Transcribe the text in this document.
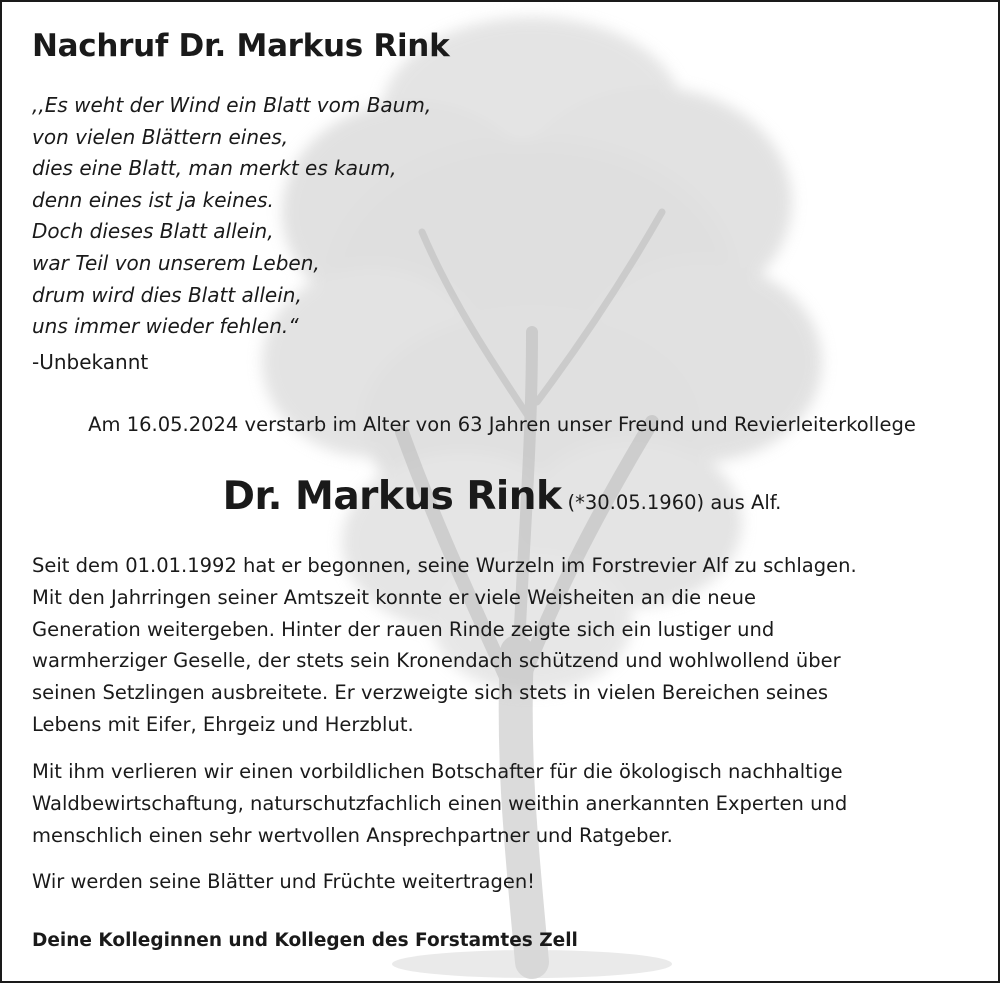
Nachruf Dr. Markus Rink
,,Es weht der Wind ein Blatt vom Baum,
von vielen Blättern eines,
dies eine Blatt, man merkt es kaum,
denn eines ist ja keines.
Doch dieses Blatt allein,
war Teil von unserem Leben,
drum wird dies Blatt allein,
uns immer wieder fehlen.“
-Unbekannt
Am 16.05.2024 verstarb im Alter von 63 Jahren unser Freund und Revierleiterkollege
Dr. Markus Rink (*30.05.1960) aus Alf.
Seit dem 01.01.1992 hat er begonnen, seine Wurzeln im Forstrevier Alf zu schlagen.
Mit den Jahrringen seiner Amtszeit konnte er viele Weisheiten an die neue
Generation weitergeben. Hinter der rauen Rinde zeigte sich ein lustiger und
warmherziger Geselle, der stets sein Kronendach schützend und wohlwollend über
seinen Setzlingen ausbreitete. Er verzweigte sich stets in vielen Bereichen seines
Lebens mit Eifer, Ehrgeiz und Herzblut.
Mit ihm verlieren wir einen vorbildlichen Botschafter für die ökologisch nachhaltige
Waldbewirtschaftung, naturschutzfachlich einen weithin anerkannten Experten und
menschlich einen sehr wertvollen Ansprechpartner und Ratgeber.
Wir werden seine Blätter und Früchte weitertragen!
Deine Kolleginnen und Kollegen des Forstamtes Zell
